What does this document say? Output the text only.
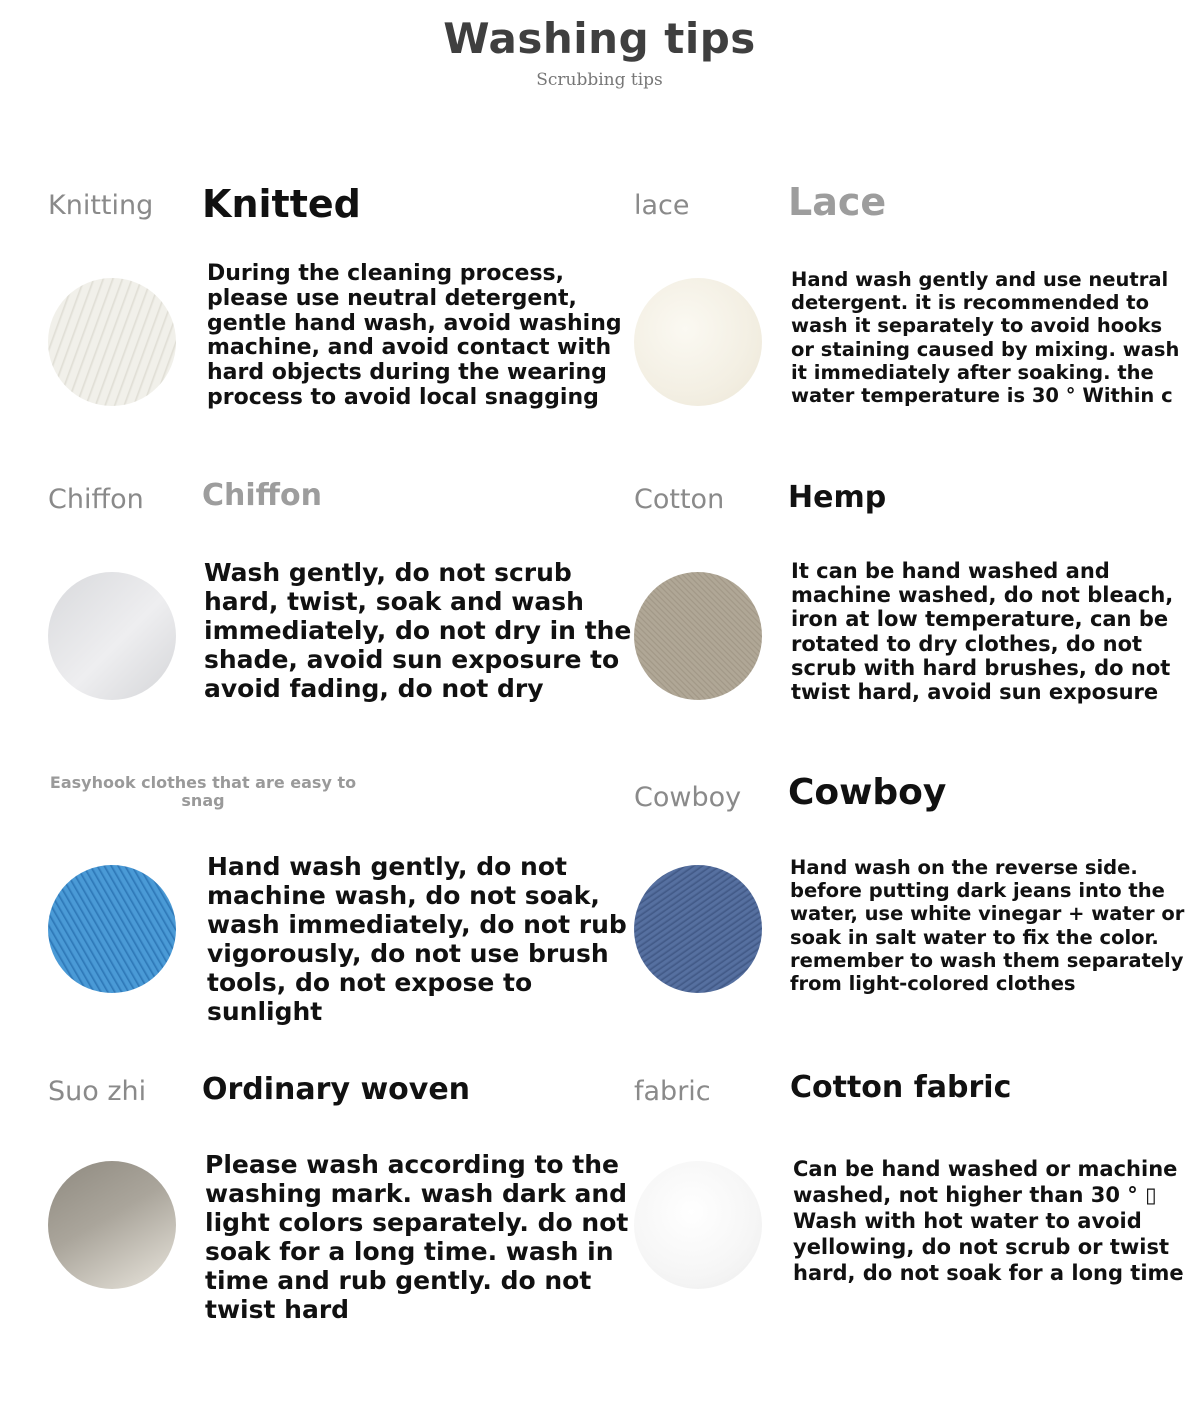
Washing tips
Scrubbing tips
Knitting	Knitted
During the cleaning process, please use neutral detergent, gentle hand wash, avoid washing machine, and avoid contact with hard objects during the wearing process to avoid local snagging
lace	Lace
Hand wash gently and use neutral detergent. it is recommended to wash it separately to avoid hooks or staining caused by mixing. wash it immediately after soaking. the water temperature is 30 ° Within c
Chiffon	Chiffon
Wash gently, do not scrub hard, twist, soak and wash immediately, do not dry in the shade, avoid sun exposure to avoid fading, do not dry
Cotton	Hemp
It can be hand washed and machine washed, do not bleach, iron at low temperature, can be rotated to dry clothes, do not scrub with hard brushes, do not twist hard, avoid sun exposure
Easyhook clothes that are easy to snag
Hand wash gently, do not machine wash, do not soak, wash immediately, do not rub vigorously, do not use brush tools, do not expose to sunlight
Cowboy	Cowboy
Hand wash on the reverse side. before putting dark jeans into the water, use white vinegar + water or soak in salt water to fix the color. remember to wash them separately from light-colored clothes
Suo zhi	Ordinary woven
Please wash according to the washing mark. wash dark and light colors separately. do not soak for a long time. wash in time and rub gently. do not twist hard
fabric	Cotton fabric
Can be hand washed or machine washed, not higher than 30 ° ▯ Wash with hot water to avoid yellowing, do not scrub or twist hard, do not soak for a long time
